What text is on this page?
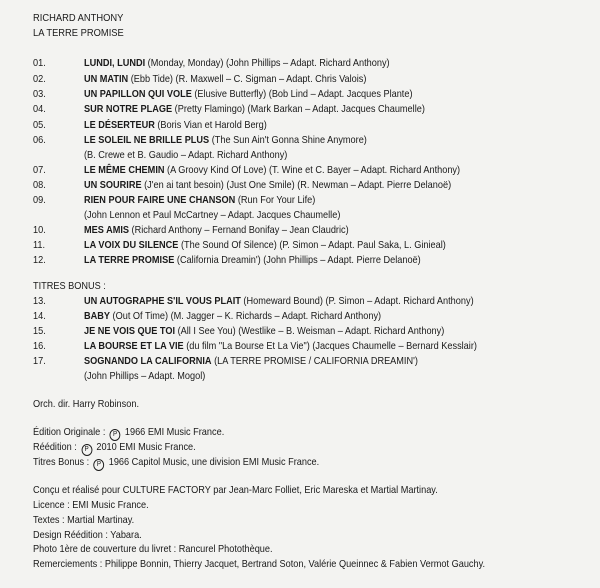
RICHARD ANTHONY
LA TERRE PROMISE
01.	LUNDI, LUNDI (Monday, Monday) (John Phillips – Adapt. Richard Anthony)
02.	UN MATIN (Ebb Tide) (R. Maxwell – C. Sigman – Adapt. Chris Valois)
03.	UN PAPILLON QUI VOLE (Elusive Butterfly) (Bob Lind – Adapt. Jacques Plante)
04.	SUR NOTRE PLAGE (Pretty Flamingo) (Mark Barkan – Adapt. Jacques Chaumelle)
05.	LE DÉSERTEUR (Boris Vian et Harold Berg)
06.	LE SOLEIL NE BRILLE PLUS (The Sun Ain't Gonna Shine Anymore)
(B. Crewe et B. Gaudio – Adapt. Richard Anthony)
07.	LE MÊME CHEMIN (A Groovy Kind Of Love) (T. Wine et C. Bayer – Adapt. Richard Anthony)
08.	UN SOURIRE (J'en ai tant besoin) (Just One Smile) (R. Newman – Adapt. Pierre Delanoë)
09.	RIEN POUR FAIRE UNE CHANSON (Run For Your Life)
(John Lennon et Paul McCartney – Adapt. Jacques Chaumelle)
10.	MES AMIS (Richard Anthony – Fernand Bonifay – Jean Claudric)
11.	LA VOIX DU SILENCE (The Sound Of Silence) (P. Simon – Adapt. Paul Saka, L. Ginieal)
12.	LA TERRE PROMISE (California Dreamin') (John Phillips – Adapt. Pierre Delanoë)
TITRES BONUS :
13.	UN AUTOGRAPHE S'IL VOUS PLAIT (Homeward Bound) (P. Simon – Adapt. Richard Anthony)
14.	BABY (Out Of Time) (M. Jagger – K. Richards – Adapt. Richard Anthony)
15.	JE NE VOIS QUE TOI (All I See You) (Westlike – B. Weisman – Adapt. Richard Anthony)
16.	LA BOURSE ET LA VIE (du film "La Bourse Et La Vie") (Jacques Chaumelle – Bernard Kesslair)
17.	SOGNANDO LA CALIFORNIA (LA TERRE PROMISE / CALIFORNIA DREAMIN')
(John Phillips – Adapt. Mogol)
Orch. dir. Harry Robinson.
Édition Originale : P 1966 EMI Music France.
Réédition : P 2010 EMI Music France.
Titres Bonus : P 1966 Capitol Music, une division EMI Music France.
Conçu et réalisé pour CULTURE FACTORY par Jean-Marc Folliet, Eric Mareska et Martial Martinay.
Licence : EMI Music France.
Textes : Martial Martinay.
Design Réédition : Yabara.
Photo 1ère de couverture du livret : Rancurel Photothèque.
Remerciements : Philippe Bonnin, Thierry Jacquet, Bertrand Soton, Valérie Queinnec & Fabien Vermot Gauchy.
